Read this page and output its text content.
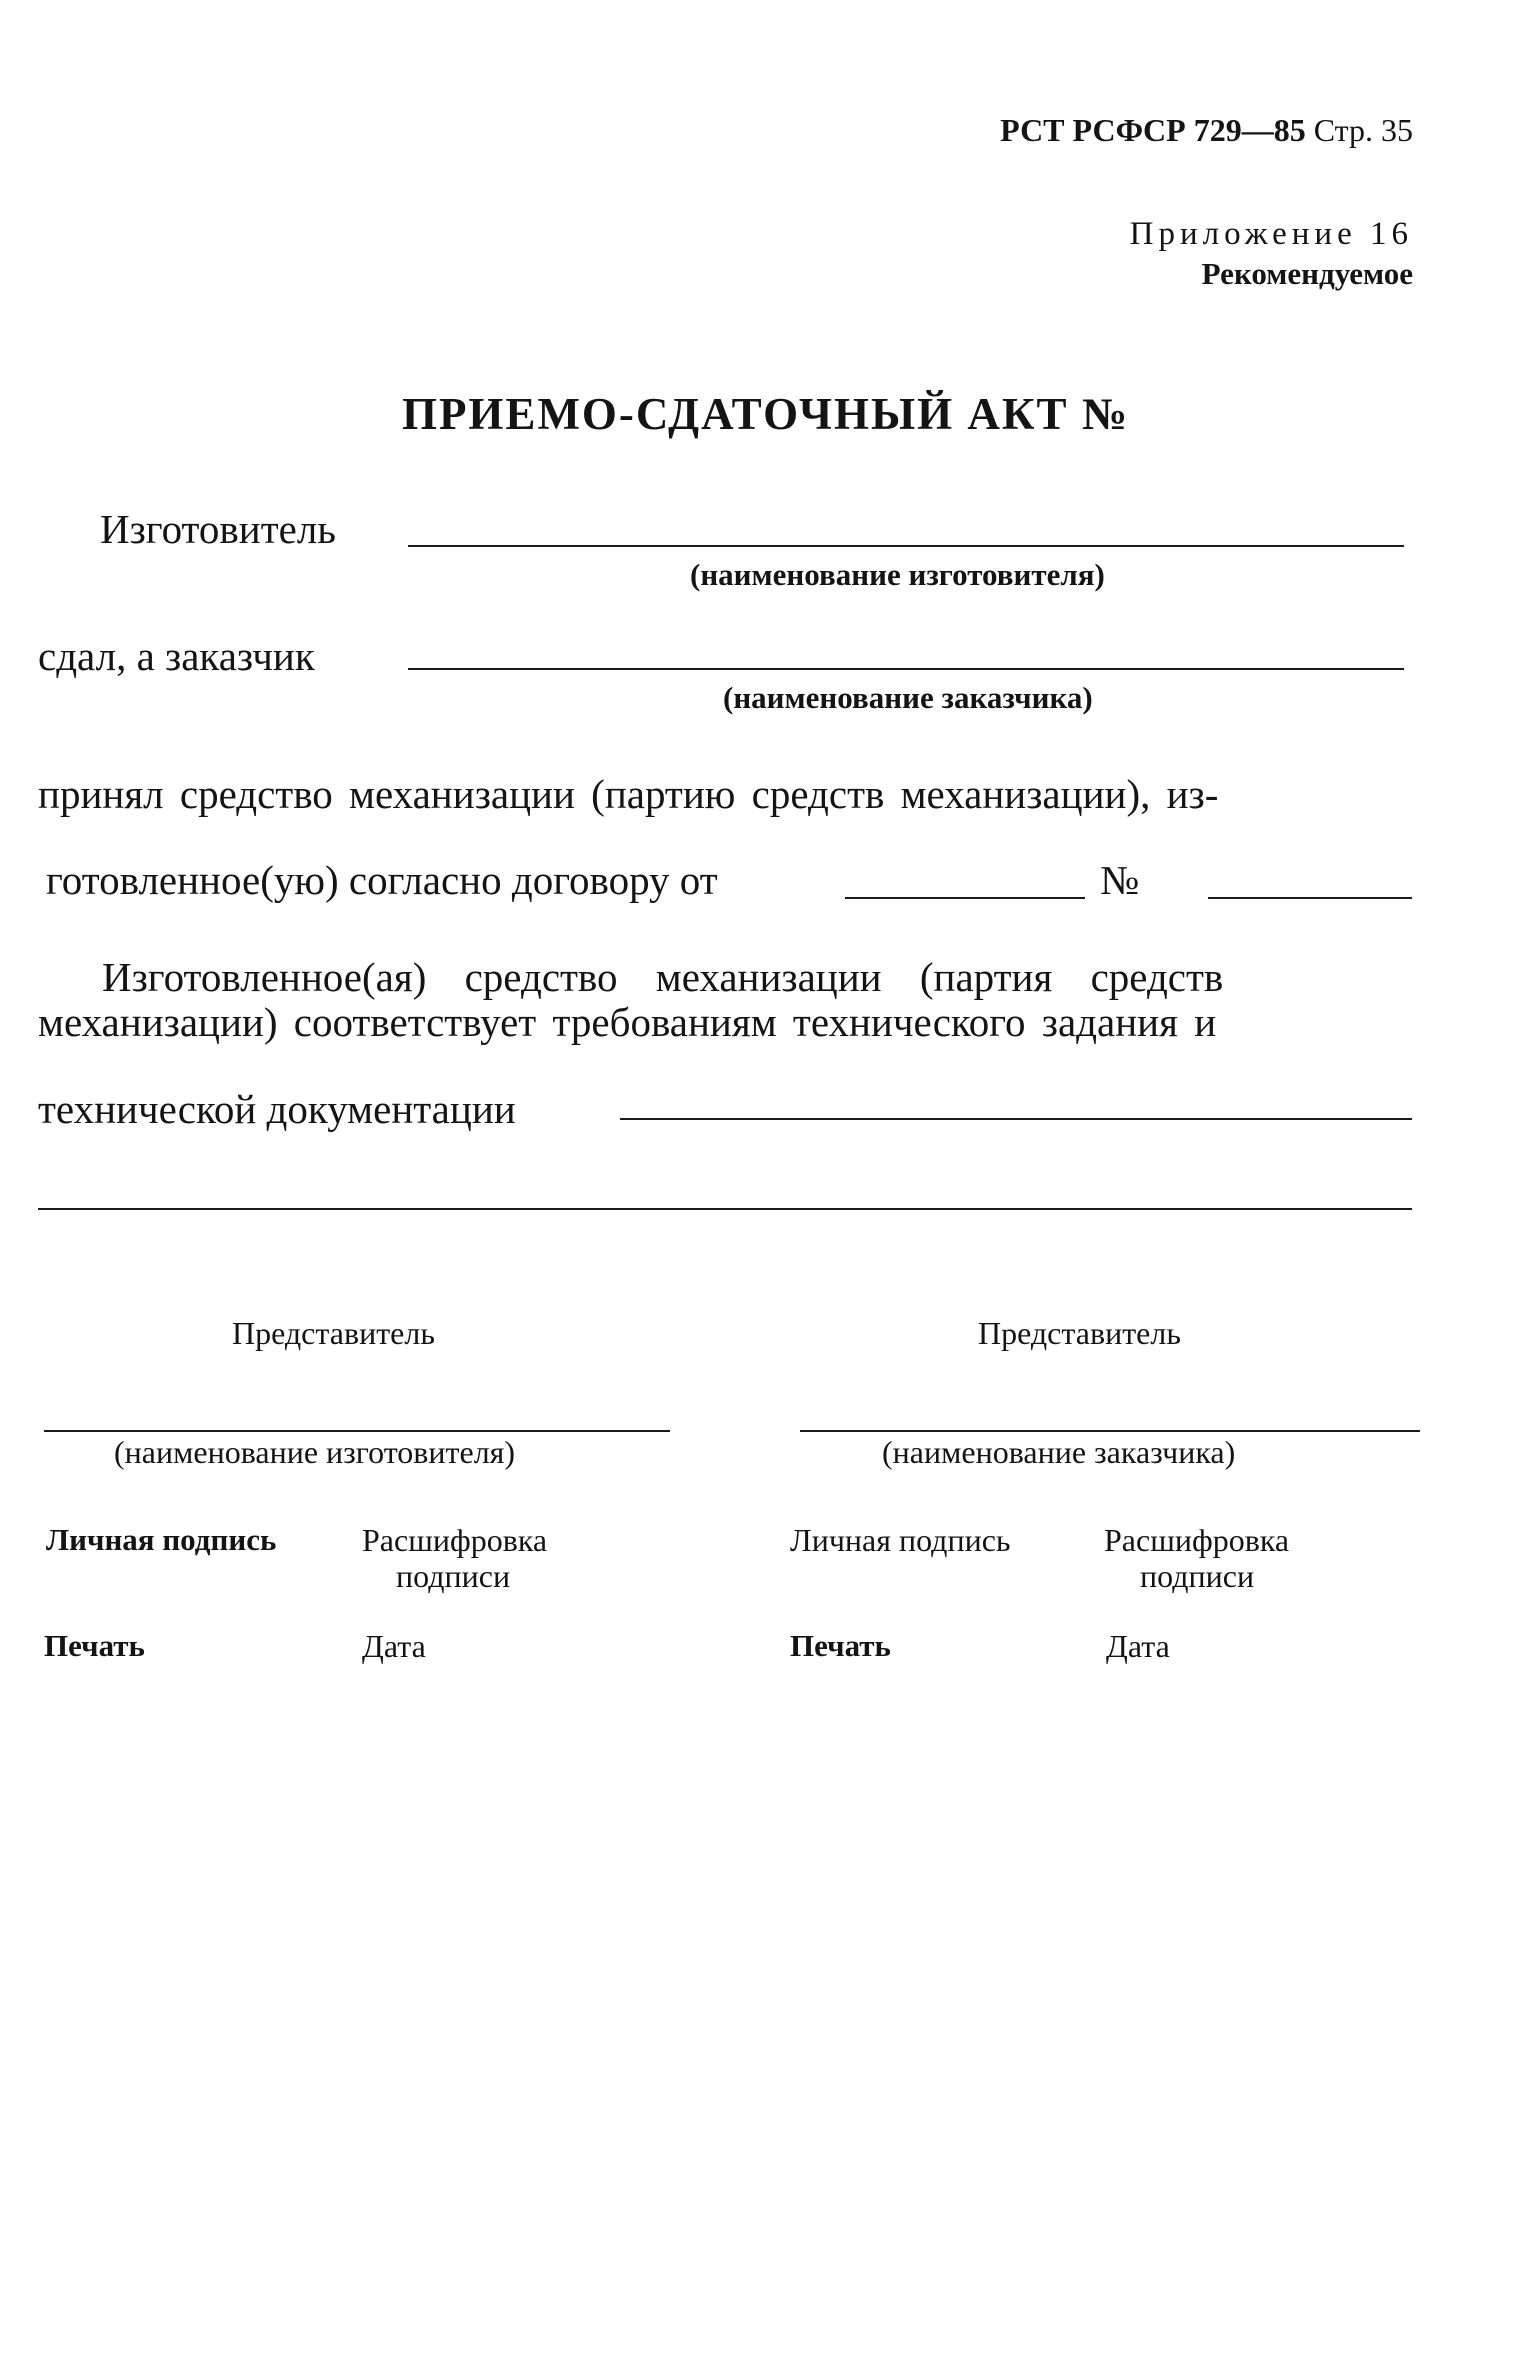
РСТ РСФСР 729—85 Стр. 35
Приложение 16
Рекомендуемое
ПРИЕМО-СДАТОЧНЫЙ АКТ №
Изготовитель
(наименование изготовителя)
сдал, а заказчик
(наименование заказчика)
принял средство механизации (партию средств механизации), из-
готовленное(ую) согласно договору от	№
Изготовленное(ая) средство механизации (партия средств
механизации) соответствует требованиям технического задания и
технической документации
Представитель
(наименование изготовителя)
Личная подпись	Расшифровка
подписи
Печать	Дата
Представитель
(наименование заказчика)
Личная подпись	Расшифровка
подписи
Печать	Дата
